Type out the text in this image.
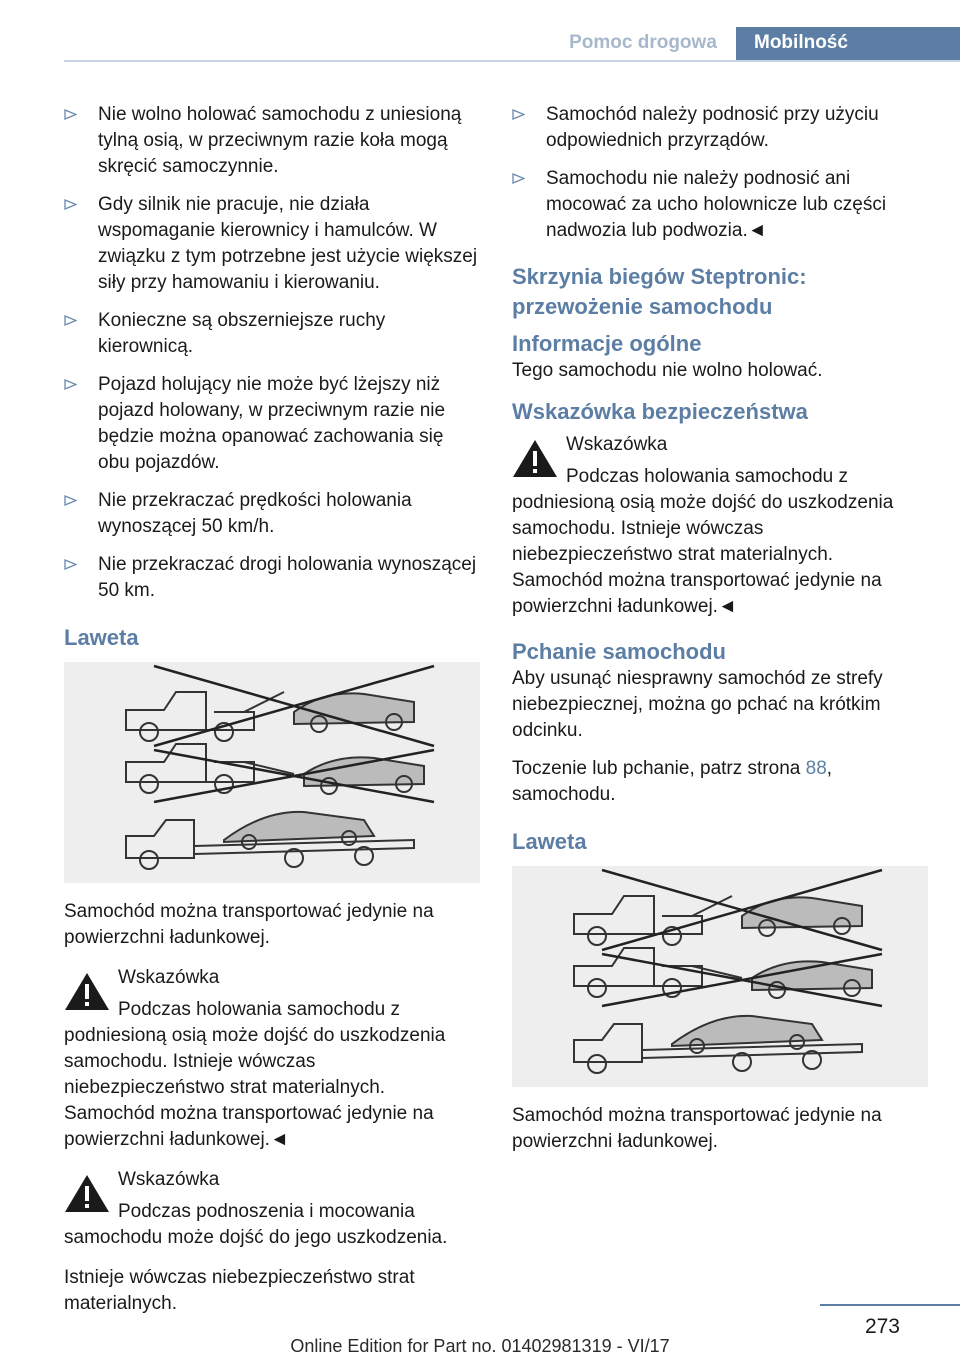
Pomoc drogowa	Mobilność
Nie wolno holować samochodu z uniesioną tylną osią, w przeciwnym razie koła mogą skręcić samoczynnie.
Gdy silnik nie pracuje, nie działa wspomaganie kierownicy i hamulców. W związku z tym potrzebne jest użycie większej siły przy hamowaniu i kierowaniu.
Konieczne są obszerniejsze ruchy kierownicą.
Pojazd holujący nie może być lżejszy niż pojazd holowany, w przeciwnym razie nie będzie można opanować zachowania się obu pojazdów.
Nie przekraczać prędkości holowania wynoszącej 50 km/h.
Nie przekraczać drogi holowania wynoszącej 50 km.
Laweta

Samochód można transportować jedynie na powierzchni ładunkowej.

Wskazówka
Podczas holowania samochodu z podniesioną osią może dojść do uszkodzenia samochodu. Istnieje wówczas niebezpieczeństwo strat materialnych. Samochód można transportować jedynie na powierzchni ładunkowej.◄
Wskazówka
Podczas podnoszenia i mocowania samochodu może dojść do jego uszkodzenia.

Istnieje wówczas niebezpieczeństwo strat materialnych.

Samochód należy podnosić przy użyciu odpowiednich przyrządów.
Samochodu nie należy podnosić ani mocować za ucho holownicze lub części nadwozia lub podwozia.◄
Skrzynia biegów Steptronic: przewożenie samochodu
Informacje ogólne

Tego samochodu nie wolno holować.

Wskazówka bezpieczeństwa
Wskazówka
Podczas holowania samochodu z podniesioną osią może dojść do uszkodzenia samochodu. Istnieje wówczas niebezpieczeństwo strat materialnych. Samochód można transportować jedynie na powierzchni ładunkowej.◄
Pchanie samochodu

Aby usunąć niesprawny samochód ze strefy niebezpiecznej, można go pchać na krótkim odcinku.

Toczenie lub pchanie, patrz strona 88, samochodu.

Laweta

Samochód można transportować jedynie na powierzchni ładunkowej.

273
Online Edition for Part no. 01402981319 - VI/17
